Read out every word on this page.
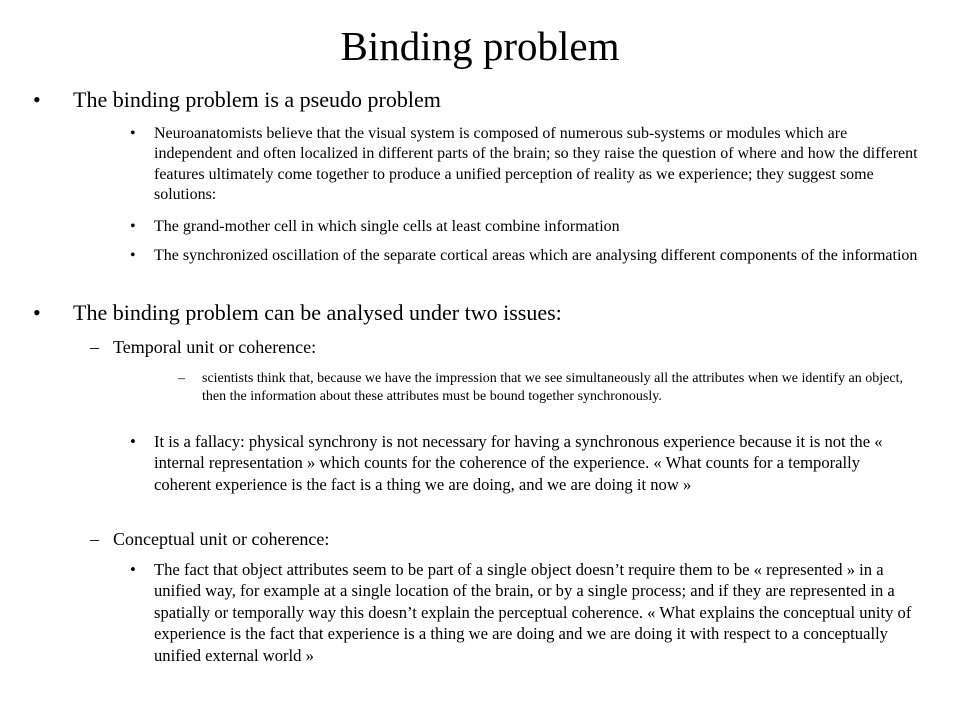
Binding problem
•	The binding problem is a pseudo problem
•	Neuroanatomists believe that the visual system is composed of numerous sub-systems or modules which are independent and often localized in different parts of the brain; so they raise the question of where and how the different features ultimately come together to produce a unified perception of reality as we experience; they suggest some solutions:
•	The grand-mother cell in which single cells at least combine information
•	The synchronized oscillation of the separate cortical areas which are analysing different components of the information
•	The binding problem can be analysed under two issues:
– Temporal unit or coherence:
–	scientists think that, because we have the impression that we see simultaneously all the attributes when we identify an object, then the information about these attributes must be bound together synchronously.
•	It is a fallacy: physical synchrony is not necessary for having a synchronous experience because it is not the « internal representation » which counts for the coherence of the experience. « What counts for a temporally coherent experience is the fact is a thing we are doing, and we are doing it now »
– Conceptual unit or coherence:
•	The fact that object attributes seem to be part of a single object doesn’t require them to be « represented » in a unified way, for example at a single location of the brain, or by a single process; and if they are represented in a spatially or temporally way this doesn’t explain the perceptual coherence. « What explains the conceptual unity of experience is the fact that experience is a thing we are doing and we are doing it with respect to a conceptually unified external world »
